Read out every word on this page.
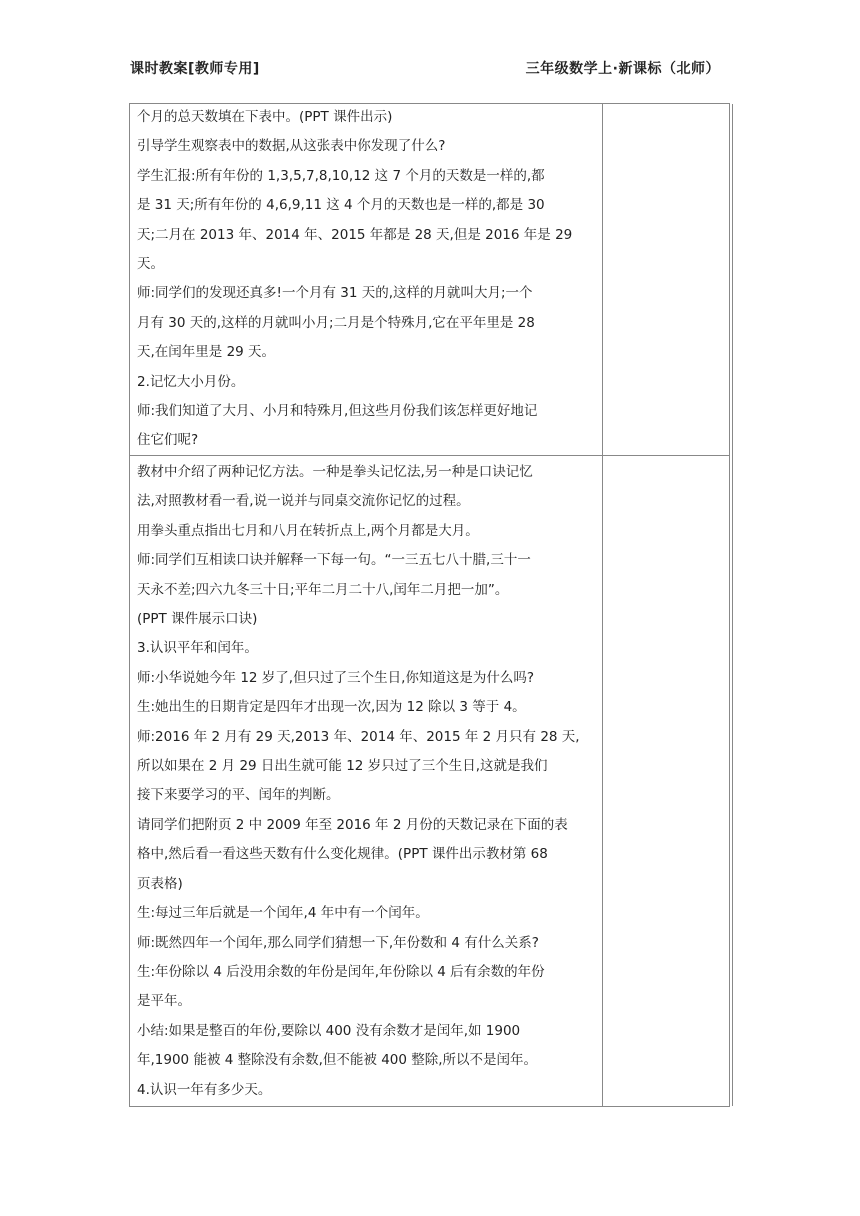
课时教案[教师专用]	三年级数学上·新课标（北师）

个月的总天数填在下表中。(PPT 课件出示)

引导学生观察表中的数据,从这张表中你发现了什么?

学生汇报:所有年份的 1,3,5,7,8,10,12 这 7 个月的天数是一样的,都

是 31 天;所有年份的 4,6,9,11 这 4 个月的天数也是一样的,都是 30

天;二月在 2013 年、2014 年、2015 年都是 28 天,但是 2016 年是 29

天。

师:同学们的发现还真多!一个月有 31 天的,这样的月就叫大月;一个

月有 30 天的,这样的月就叫小月;二月是个特殊月,它在平年里是 28

天,在闰年里是 29 天。

2.记忆大小月份。

师:我们知道了大月、小月和特殊月,但这些月份我们该怎样更好地记

住它们呢?

教材中介绍了两种记忆方法。一种是拳头记忆法,另一种是口诀记忆

法,对照教材看一看,说一说并与同桌交流你记忆的过程。

用拳头重点指出七月和八月在转折点上,两个月都是大月。

师:同学们互相读口诀并解释一下每一句。“一三五七八十腊,三十一

天永不差;四六九冬三十日;平年二月二十八,闰年二月把一加”。

(PPT 课件展示口诀)

3.认识平年和闰年。

师:小华说她今年 12 岁了,但只过了三个生日,你知道这是为什么吗?

生:她出生的日期肯定是四年才出现一次,因为 12 除以 3 等于 4。

师:2016 年 2 月有 29 天,2013 年、2014 年、2015 年 2 月只有 28 天,

所以如果在 2 月 29 日出生就可能 12 岁只过了三个生日,这就是我们

接下来要学习的平、闰年的判断。

请同学们把附页 2 中 2009 年至 2016 年 2 月份的天数记录在下面的表

格中,然后看一看这些天数有什么变化规律。(PPT 课件出示教材第 68

页表格)

生:每过三年后就是一个闰年,4 年中有一个闰年。

师:既然四年一个闰年,那么同学们猜想一下,年份数和 4 有什么关系?

生:年份除以 4 后没用余数的年份是闰年,年份除以 4 后有余数的年份

是平年。

小结:如果是整百的年份,要除以 400 没有余数才是闰年,如 1900

年,1900 能被 4 整除没有余数,但不能被 400 整除,所以不是闰年。

4.认识一年有多少天。
